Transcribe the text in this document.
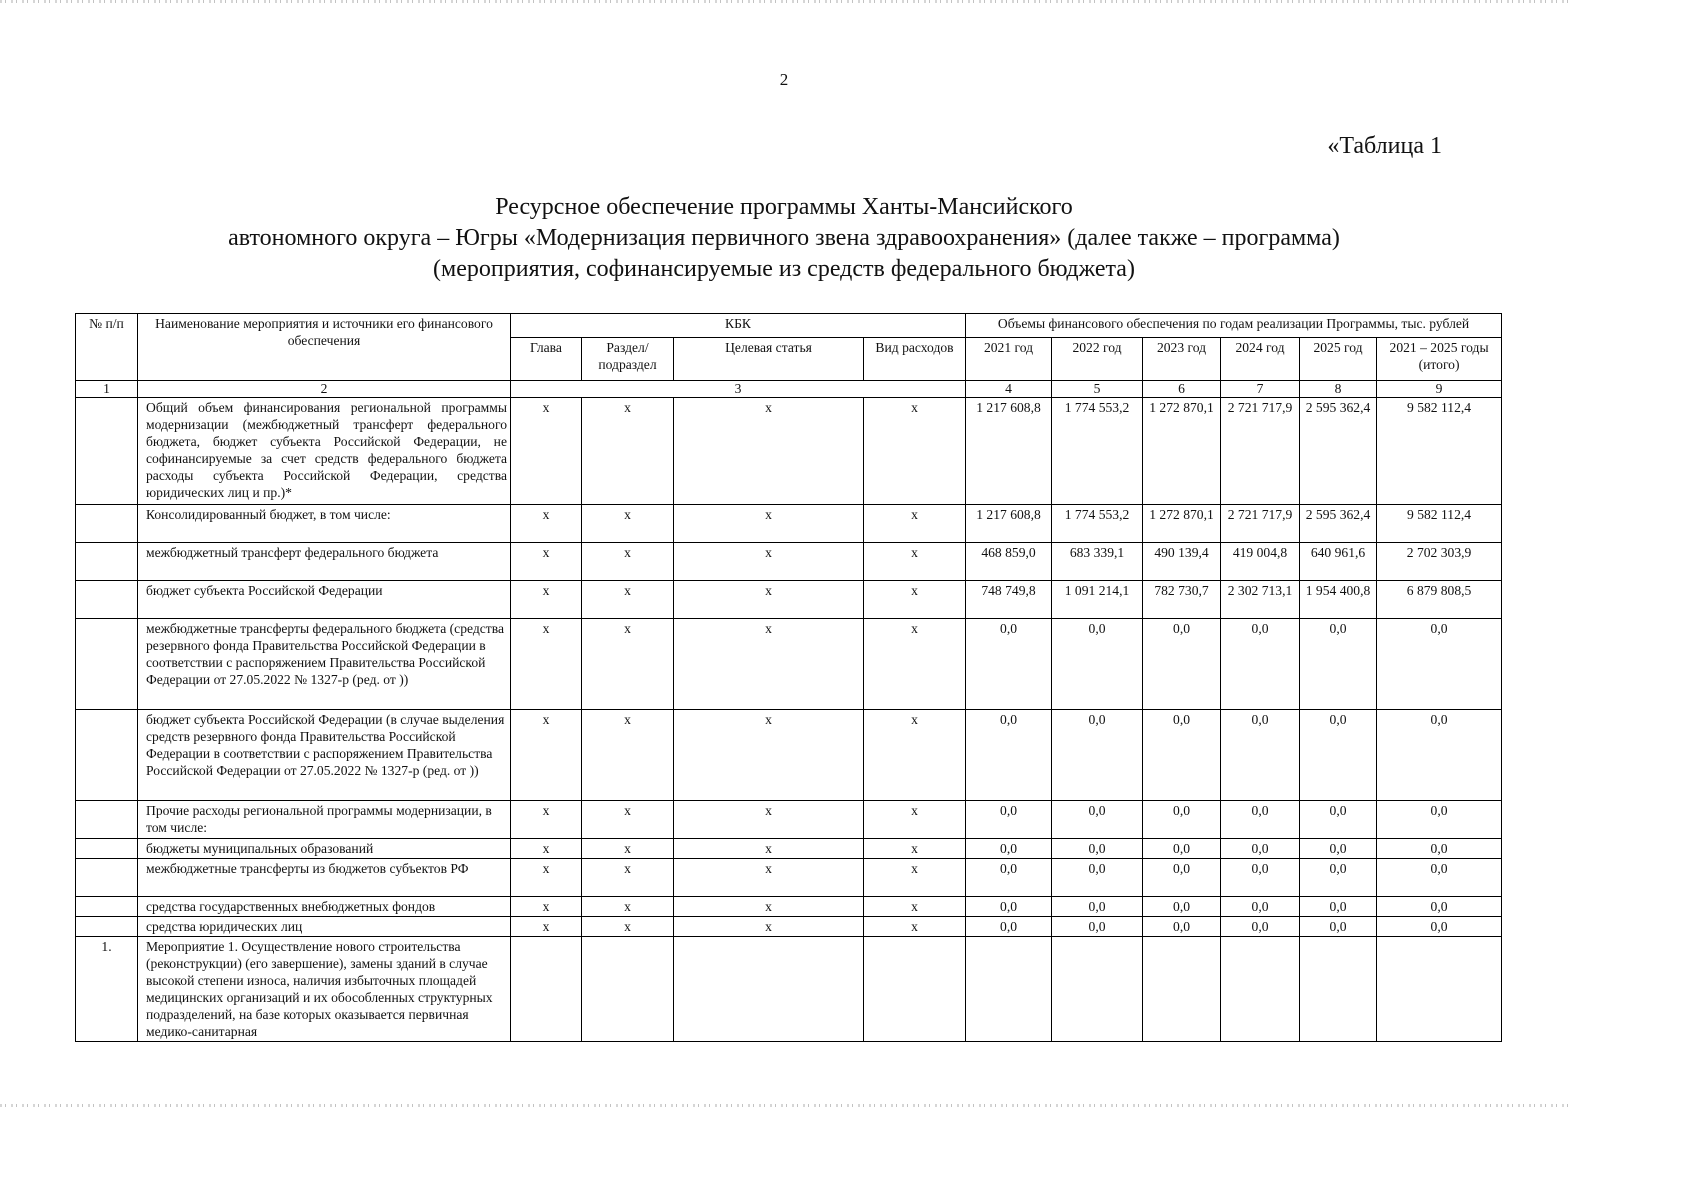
2
«Таблица 1
Ресурсное обеспечение программы Ханты-Мансийского
автономного округа – Югры «Модернизация первичного звена здравоохранения» (далее также – программа)
(мероприятия, софинансируемые из средств федерального бюджета)
№ п/п	Наименование мероприятия и источники его финансового обеспечения	КБК				Объемы финансового обеспечения по годам реализации Программы, тыс. рублей					
		Глава	Раздел/ подраздел	Целевая статья	Вид расходов	2021 год	2022 год	2023 год	2024 год	2025 год	2021 – 2025 годы (итого)
1	2	3				4	5	6	7	8	9
	Общий объем финансирования региональной программы модернизации (межбюджетный трансферт федерального бюджета, бюджет субъекта Российской Федерации, не софинансируемые за счет средств федерального бюджета расходы субъекта Российской Федерации, средства юридических лиц и пр.)*	х	х	х	х	1 217 608,8	1 774 553,2	1 272 870,1	2 721 717,9	2 595 362,4	9 582 112,4
	Консолидированный бюджет, в том числе:	х	х	х	х	1 217 608,8	1 774 553,2	1 272 870,1	2 721 717,9	2 595 362,4	9 582 112,4
	межбюджетный трансферт федерального бюджета	х	х	х	х	468 859,0	683 339,1	490 139,4	419 004,8	640 961,6	2 702 303,9
	бюджет субъекта Российской Федерации	х	х	х	х	748 749,8	1 091 214,1	782 730,7	2 302 713,1	1 954 400,8	6 879 808,5
	межбюджетные трансферты федерального бюджета (средства резервного фонда Правительства Российской Федерации в соответствии с распоряжением Правительства Российской Федерации от 27.05.2022 № 1327-р (ред. от ))	х	х	х	х	0,0	0,0	0,0	0,0	0,0	0,0
	бюджет субъекта Российской Федерации (в случае выделения средств резервного фонда Правительства Российской Федерации в соответствии с распоряжением Правительства Российской Федерации от 27.05.2022 № 1327-р (ред. от ))	х	х	х	х	0,0	0,0	0,0	0,0	0,0	0,0
	Прочие расходы региональной программы модернизации, в том числе:	х	х	х	х	0,0	0,0	0,0	0,0	0,0	0,0
	бюджеты муниципальных образований	х	х	х	х	0,0	0,0	0,0	0,0	0,0	0,0
	межбюджетные трансферты из бюджетов субъектов РФ	х	х	х	х	0,0	0,0	0,0	0,0	0,0	0,0
	средства государственных внебюджетных фондов	х	х	х	х	0,0	0,0	0,0	0,0	0,0	0,0
	средства юридических лиц	х	х	х	х	0,0	0,0	0,0	0,0	0,0	0,0
1.	Мероприятие 1. Осуществление нового строительства (реконструкции) (его завершение), замены зданий в случае высокой степени износа, наличия избыточных площадей медицинских организаций и их обособленных структурных подразделений, на базе которых оказывается первичная медико-санитарная										
